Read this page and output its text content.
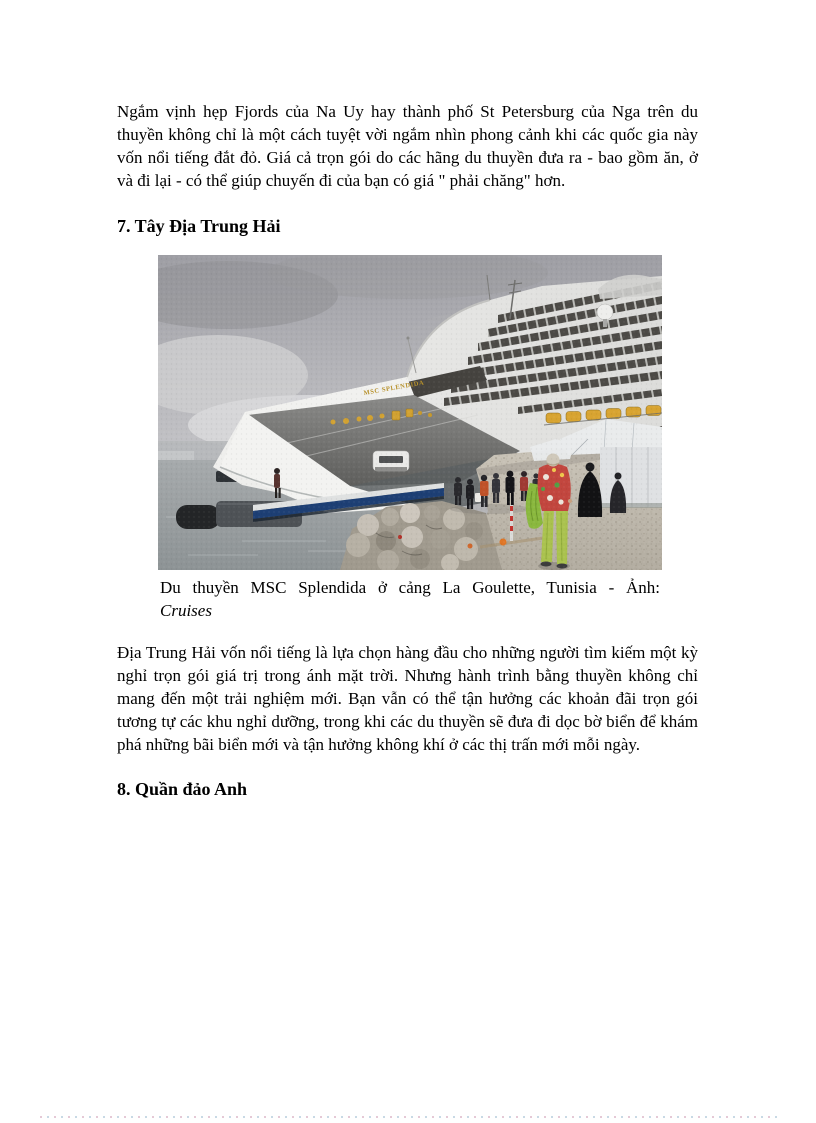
Ngắm vịnh hẹp Fjords của Na Uy hay thành phố St Petersburg của Nga trên du thuyền không chỉ là một cách tuyệt vời ngắm nhìn phong cảnh khi các quốc gia này vốn nổi tiếng đắt đỏ. Giá cả trọn gói do các hãng du thuyền đưa ra - bao gồm ăn, ở và đi lại - có thể giúp chuyến đi của bạn có giá " phải chăng" hơn.

7. Tây Địa Trung Hải
Du thuyền MSC Splendida ở cảng La Goulette, Tunisia - Ảnh:
Cruises

Địa Trung Hải vốn nổi tiếng là lựa chọn hàng đầu cho những người tìm kiếm một kỳ nghỉ trọn gói giá trị trong ánh mặt trời. Nhưng hành trình bằng thuyền không chỉ mang đến một trải nghiệm mới. Bạn vẫn có thể tận hưởng các khoản đãi trọn gói tương tự các khu nghỉ dưỡng, trong khi các du thuyền sẽ đưa đi dọc bờ biển để khám phá những bãi biển mới và tận hưởng không khí ở các thị trấn mới mỗi ngày.

8. Quần đảo Anh
